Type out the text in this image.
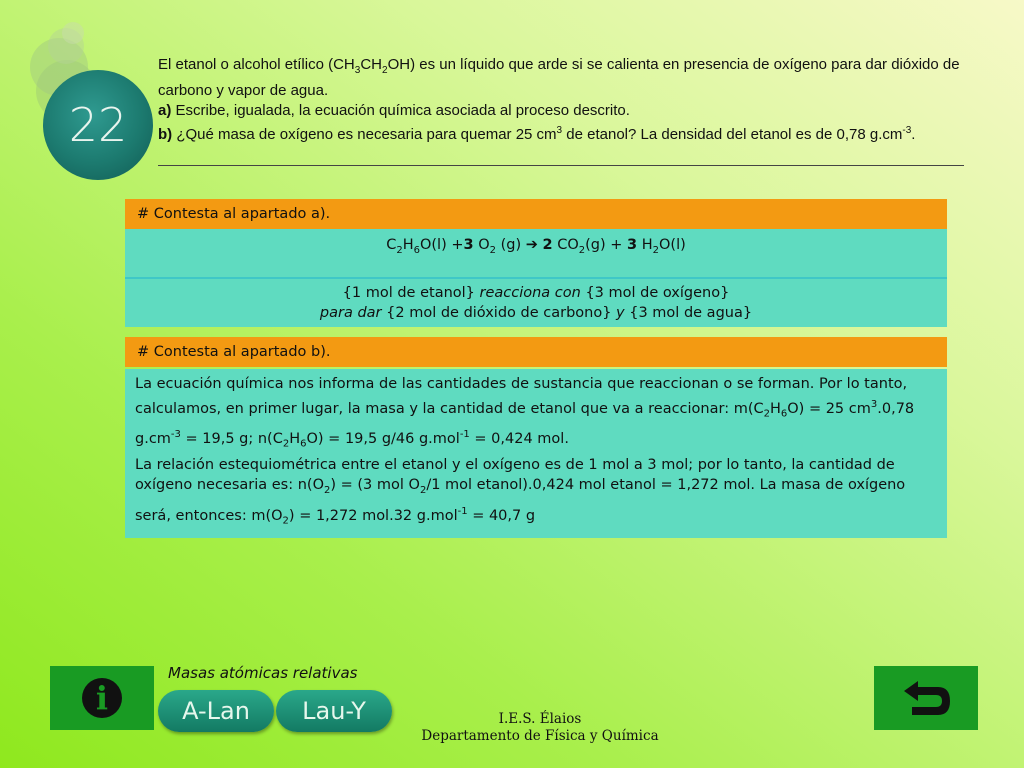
22

El etanol o alcohol etílico $(CH_3CH_2OH)$ es un líquido que arde si se calienta en presencia de oxígeno para dar dióxido de carbono y vapor de agua.

a) Escribe, igualada, la ecuación química asociada al proceso descrito.

b) ¿Qué masa de oxígeno es necesaria para quemar 25 $cm^3$ de etanol? La densidad del etanol es de 0,78 $g.cm^{-3}$.

# Contesta al apartado a).
$C_2H_6O(l) +3$ $O_2$ (g) ➔ 2 $CO_2(g) + 3$ $H_2O(l)$
{1 mol de etanol} reacciona con {3 mol de oxígeno}
para dar {2 mol de dióxido de carbono} y {3 mol de agua}
# Contesta al apartado b).
La ecuación química nos informa de las cantidades de sustancia que reaccionan o se forman. Por lo tanto, calculamos, en primer lugar, la masa y la cantidad de etanol que va a reaccionar: $m(C_2H_6O) = 25$ $cm^3.0,78$ $g.cm^{-3} = 19,5$ g; $n(C_2H_6O) = 19,5$ g/46 g.mol$^{-1}$ = 0,424 mol.
La relación estequiométrica entre el etanol y el oxígeno es de 1 mol a 3 mol; por lo tanto, la cantidad de oxígeno necesaria es: $n(O_2) = (3$ mol $O_2/1$ mol etanol).0,424 mol etanol = 1,272 mol. La masa de oxígeno será, entonces: $m(O_2) = 1,272$ mol.32 g.mol$^{-1}$ = 40,7 g
i
Masas atómicas relativas
A-Lan	Lau-Y	I.E.S. Élaios
Departamento de Física y Química
